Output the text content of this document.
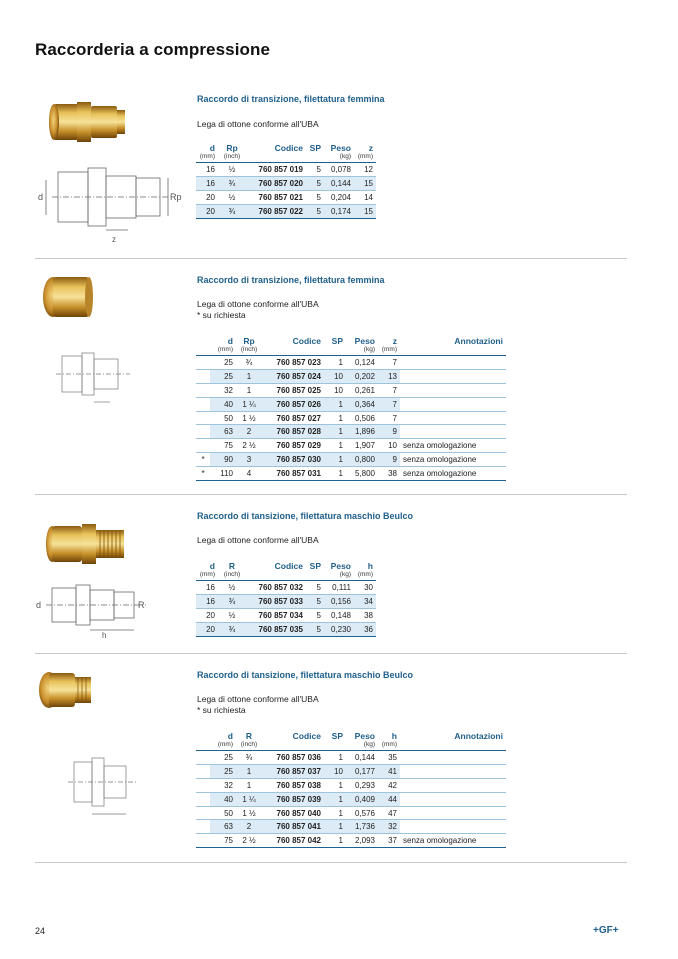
Raccorderia a compressione
Raccordo di transizione, filettatura femmina
Lega di ottone conforme all'UBA
d	Rp
z
d	Rp	Codice	SP	Peso	z
(mm)	(inch)			(kg)	(mm)
16	½	760 857 019	5	0,078	12
16	¾	760 857 020	5	0,144	15
20	½	760 857 021	5	0,204	14
20	¾	760 857 022	5	0,174	15
Raccordo di transizione, filettatura femmina
Lega di ottone conforme all'UBA
* su richiesta
	d	Rp	Codice	SP	Peso	z	Annotazioni
	(mm)	(inch)			(kg)	(mm)	
	25	¾	760 857 023	1	0,124	7	
	25	1	760 857 024	10	0,202	13	
	32	1	760 857 025	10	0,261	7	
	40	1 ¼	760 857 026	1	0,364	7	
	50	1 ½	760 857 027	1	0,506	7	
	63	2	760 857 028	1	1,896	9	
	75	2 ½	760 857 029	1	1,907	10	senza omologazione
*	90	3	760 857 030	1	0,800	9	senza omologazione
*	110	4	760 857 031	1	5,800	38	senza omologazione
Raccordo di tansizione, filettatura maschio Beulco
Lega di ottone conforme all'UBA
d	R
h
d	R	Codice	SP	Peso	h
(mm)	(inch)			(kg)	(mm)
16	½	760 857 032	5	0,111	30
16	¾	760 857 033	5	0,156	34
20	½	760 857 034	5	0,148	38
20	¾	760 857 035	5	0,230	36
Raccordo di tansizione, filettatura maschio Beulco
Lega di ottone conforme all'UBA
* su richiesta
	d	R	Codice	SP	Peso	h	Annotazioni
	(mm)	(inch)			(kg)	(mm)	
	25	¾	760 857 036	1	0,144	35	
	25	1	760 857 037	10	0,177	41	
	32	1	760 857 038	1	0,293	42	
	40	1 ¼	760 857 039	1	0,409	44	
	50	1 ½	760 857 040	1	0,576	47	
	63	2	760 857 041	1	1,736	32	
	75	2 ½	760 857 042	1	2,093	37	senza omologazione
24	+GF+
